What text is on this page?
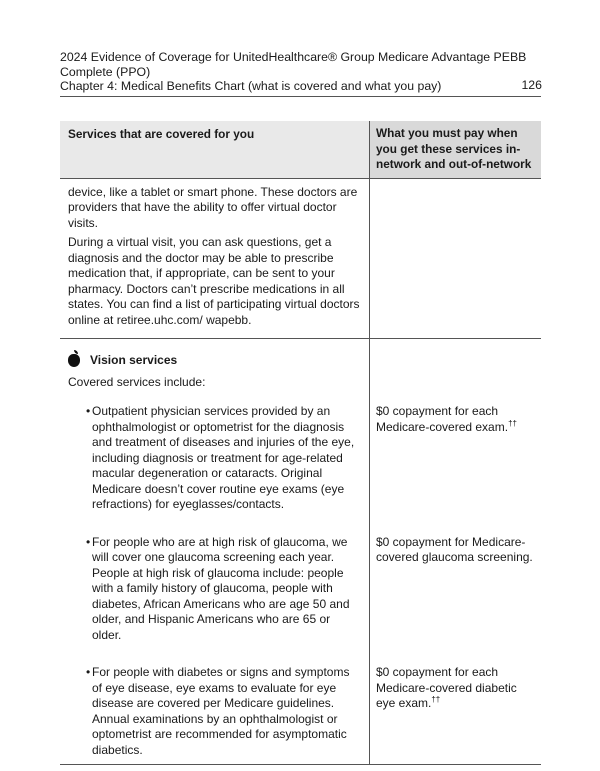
2024 Evidence of Coverage for UnitedHealthcare® Group Medicare Advantage PEBB Complete (PPO)
Chapter 4: Medical Benefits Chart (what is covered and what you pay)	126
Services that are covered for you	What you must pay when you get these services in-network and out-of-network

device, like a tablet or smart phone. These doctors are providers that have the ability to offer virtual doctor visits.

During a virtual visit, you can ask questions, get a diagnosis and the doctor may be able to prescribe medication that, if appropriate, can be sent to your pharmacy. Doctors can’t prescribe medications in all states. You can find a list of participating virtual doctors online at retiree.uhc.com/ wapebb.	

Vision services
Covered services include:	

• Outpatient physician services provided by an ophthalmologist or optometrist for the diagnosis and treatment of diseases and injuries of the eye, including diagnosis or treatment for age-related macular degeneration or cataracts. Original Medicare doesn’t cover routine eye exams (eye refractions) for eyeglasses/contacts.	$0 copayment for each Medicare-covered exam.††

• For people who are at high risk of glaucoma, we will cover one glaucoma screening each year. People at high risk of glaucoma include: people with a family history of glaucoma, people with diabetes, African Americans who are age 50 and older, and Hispanic Americans who are 65 or older.	$0 copayment for Medicare-covered glaucoma screening.

• For people with diabetes or signs and symptoms of eye disease, eye exams to evaluate for eye disease are covered per Medicare guidelines. Annual examinations by an ophthalmologist or optometrist are recommended for asymptomatic diabetics.	$0 copayment for each Medicare-covered diabetic eye exam.††
